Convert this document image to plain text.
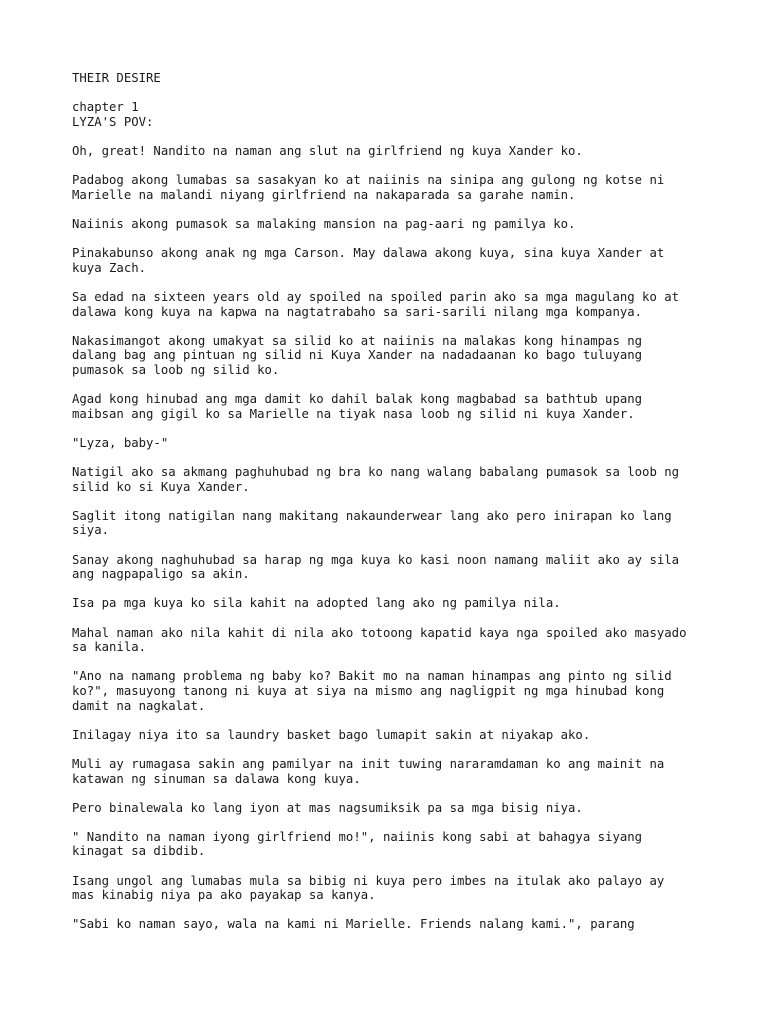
THEIR DESIRE
chapter 1
LYZA'S POV:
Oh, great! Nandito na naman ang slut na girlfriend ng kuya Xander ko.
Padabog akong lumabas sa sasakyan ko at naiinis na sinipa ang gulong ng kotse ni
Marielle na malandi niyang girlfriend na nakaparada sa garahe namin.
Naiinis akong pumasok sa malaking mansion na pag-aari ng pamilya ko.
Pinakabunso akong anak ng mga Carson. May dalawa akong kuya, sina kuya Xander at
kuya Zach.
Sa edad na sixteen years old ay spoiled na spoiled parin ako sa mga magulang ko at
dalawa kong kuya na kapwa na nagtatrabaho sa sari-sarili nilang mga kompanya.
Nakasimangot akong umakyat sa silid ko at naiinis na malakas kong hinampas ng
dalang bag ang pintuan ng silid ni Kuya Xander na nadadaanan ko bago tuluyang
pumasok sa loob ng silid ko.
Agad kong hinubad ang mga damit ko dahil balak kong magbabad sa bathtub upang
maibsan ang gigil ko sa Marielle na tiyak nasa loob ng silid ni kuya Xander.
"Lyza, baby-"
Natigil ako sa akmang paghuhubad ng bra ko nang walang babalang pumasok sa loob ng
silid ko si Kuya Xander.
Saglit itong natigilan nang makitang nakaunderwear lang ako pero inirapan ko lang
siya.
Sanay akong naghuhubad sa harap ng mga kuya ko kasi noon namang maliit ako ay sila
ang nagpapaligo sa akin.
Isa pa mga kuya ko sila kahit na adopted lang ako ng pamilya nila.
Mahal naman ako nila kahit di nila ako totoong kapatid kaya nga spoiled ako masyado
sa kanila.
"Ano na namang problema ng baby ko? Bakit mo na naman hinampas ang pinto ng silid
ko?", masuyong tanong ni kuya at siya na mismo ang nagligpit ng mga hinubad kong
damit na nagkalat.
Inilagay niya ito sa laundry basket bago lumapit sakin at niyakap ako.
Muli ay rumagasa sakin ang pamilyar na init tuwing nararamdaman ko ang mainit na
katawan ng sinuman sa dalawa kong kuya.
Pero binalewala ko lang iyon at mas nagsumiksik pa sa mga bisig niya.
" Nandito na naman iyong girlfriend mo!", naiinis kong sabi at bahagya siyang
kinagat sa dibdib.
Isang ungol ang lumabas mula sa bibig ni kuya pero imbes na itulak ako palayo ay
mas kinabig niya pa ako payakap sa kanya.
"Sabi ko naman sayo, wala na kami ni Marielle. Friends nalang kami.", parang
